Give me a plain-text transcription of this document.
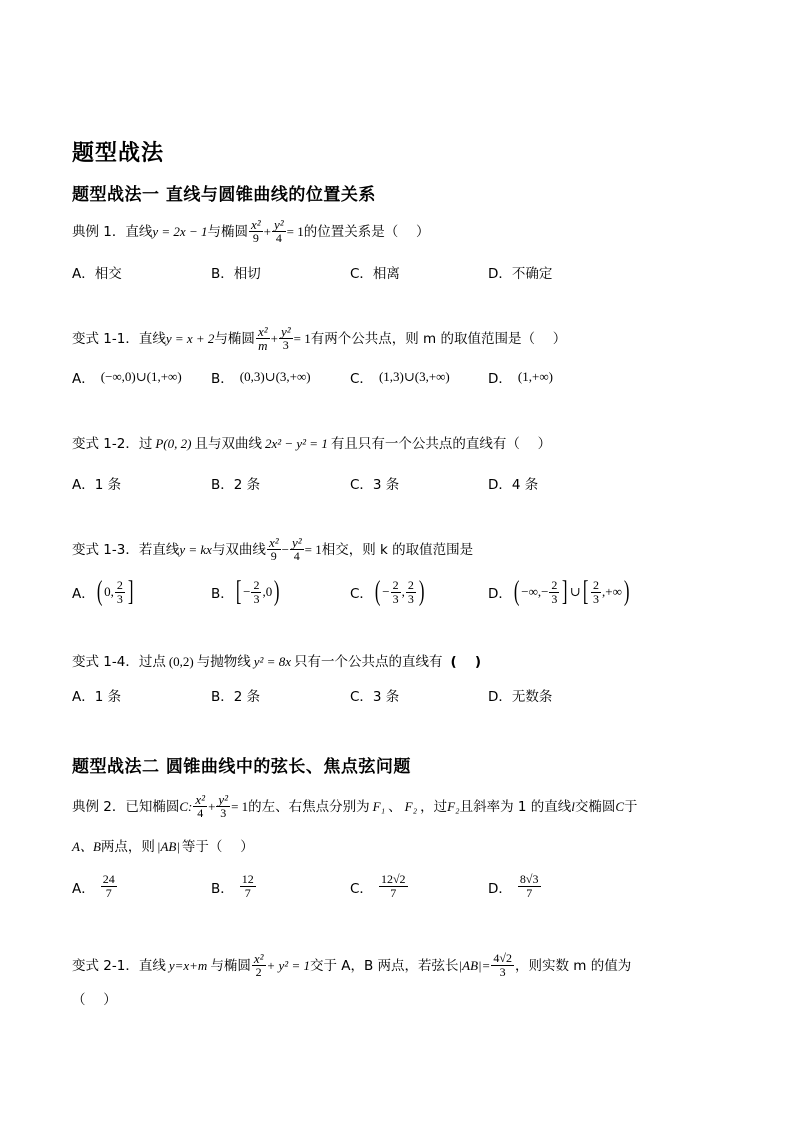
题型战法
题型战法一 直线与圆锥曲线的位置关系
典例 1．直线 y = 2x − 1 与椭圆 $\frac{\text{x²}}{9} + \frac{\text{y²}}{4} = 1$ 的位置关系是（　 ）
A．相交	B．相切	C．相离	D．不确定
变式 1-1．直线 y = x + 2 与椭圆 $\frac{\text{x²}}{m} + \frac{\text{y²}}{3} = 1$ 有两个公共点，则 m 的取值范围是（　 ）
A． (−∞,0)∪(1,+∞) B． (0,3)∪(3,+∞)	C． (1,3)∪(3,+∞)	D． (1,+∞)
变式 1-2．过 P(0, 2) 且与双曲线 2x² − y² = 1 有且只有一个公共点的直线有（　 ）
A．1 条	B．2 条	C．3 条	D．4 条
变式 1-3．若直线 y = kx 与双曲线 $\frac{\text{x²}}{9} - \frac{\text{y²}}{4} = 1$ 相交，则 k 的取值范围是
A． ( 0, $\frac{2}{3}$ ]	B． [ − $\frac{2}{3} ,0$ )	C． ( − $\frac{2}{3}$ , $\frac{2}{3}$ )	D． ( −∞,− $\frac{2}{3}$ ] ∪ [ $\frac{2}{3}$ ,+∞ )
变式 1-4．过点 (0,2) 与抛物线 y² = 8x 只有一个公共点的直线有 (　 )
A．1 条	B．2 条	C．3 条	D．无数条
题型战法二 圆锥曲线中的弦长、焦点弦问题
典例 2．已知椭圆 C: $\frac{\text{x²}}{4} + \frac{\text{y²}}{3} = 1$ 的左、右焦点分别为 F₁ 、 F₂ ，过 F₂ 且斜率为 1 的直线 l 交椭圆 C 于
A、B 两点，则 |AB| 等于（　 ）
A． $\frac{24}{7}$	B． $\frac{12}{7}$	C． $\frac{12√2}{7}$	D． $\frac{8√3}{7}$
变式 2-1．直线 y=x+m 与椭圆 $\frac{\text{x²}}{2} + y^2 = 1$ 交于 A，B 两点，若弦长 $|AB|= \frac{4√2}{3}$ ，则实数 m 的值为
（　 ）
